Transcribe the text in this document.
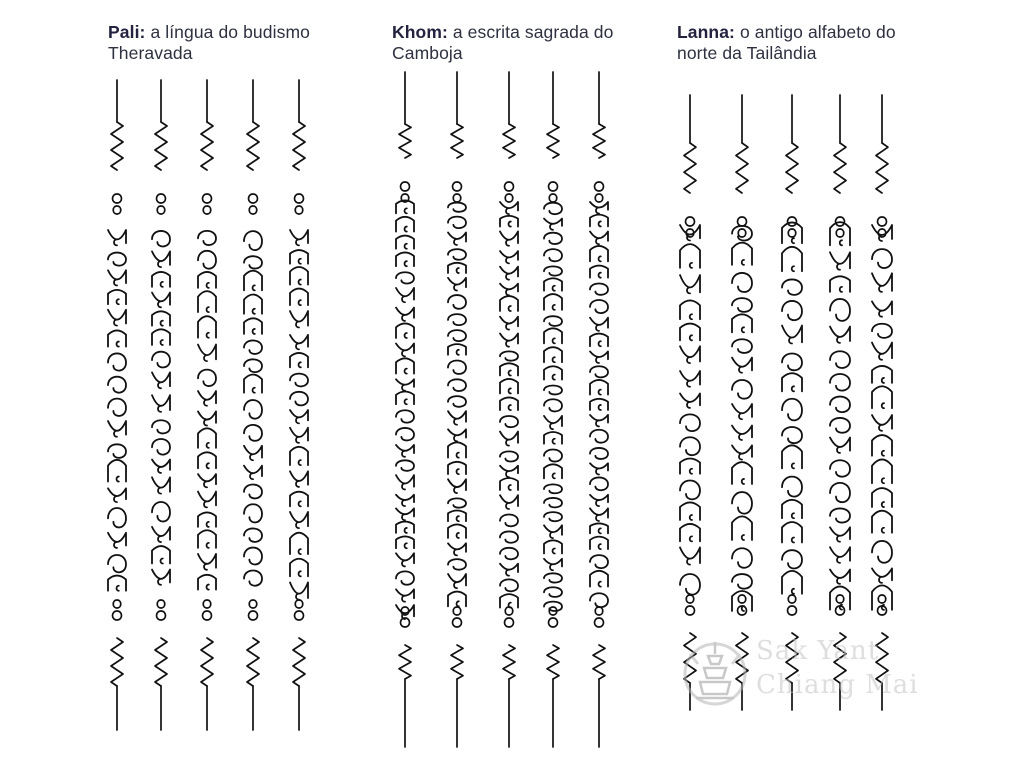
Pali: a língua do budismo Theravada
Khom: a escrita sagrada do Camboja
Lanna: o antigo alfabeto do norte da Tailândia
Sak Yant
Chiang Mai
